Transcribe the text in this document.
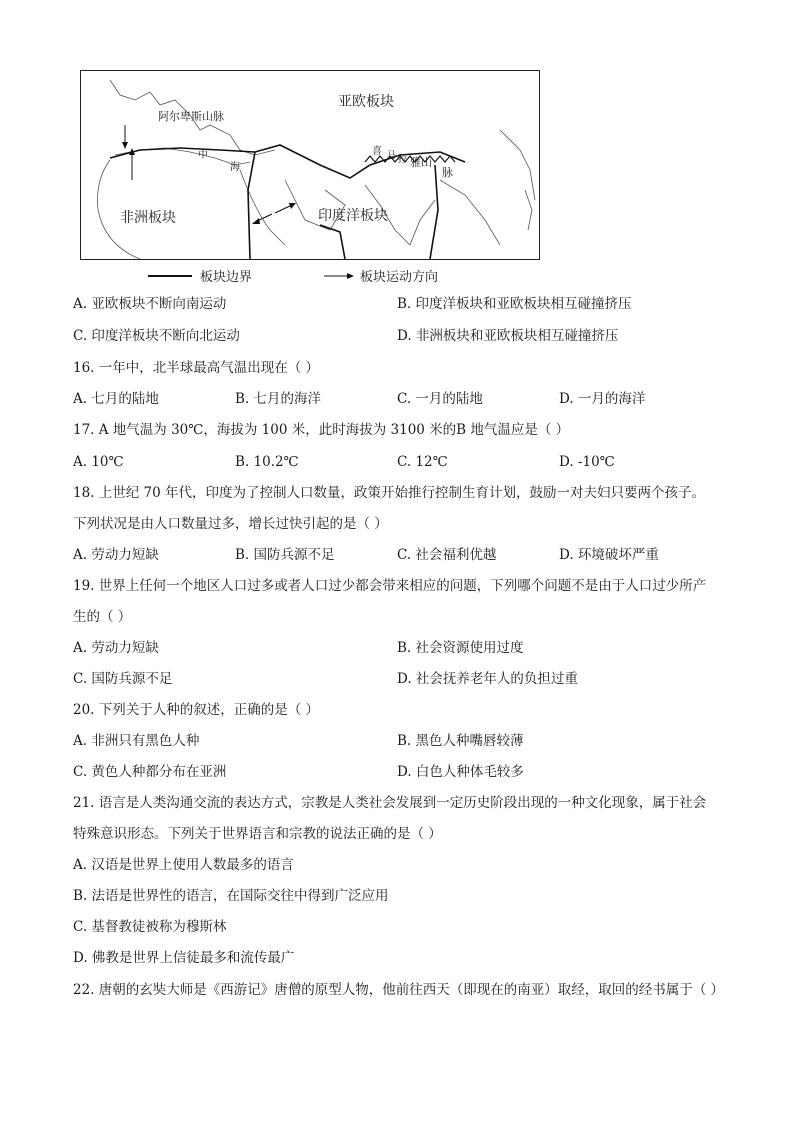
亚欧板块
阿尔卑斯山脉
喜 马 拉 雅山
脉
中
海
非洲板块	印度洋板块
板块边界	板块运动方向
A. 亚欧板块不断向南运动	B. 印度洋板块和亚欧板块相互碰撞挤压
C. 印度洋板块不断向北运动	D. 非洲板块和亚欧板块相互碰撞挤压
16. 一年中，北半球最高气温出现在（ ）
A. 七月的陆地	B. 七月的海洋	C. 一月的陆地	D. 一月的海洋
17. A 地气温为 30℃，海拔为 100 米，此时海拔为 3100 米的B 地气温应是（ ）
A. 10℃	B. 10.2℃	C. 12℃	D. -10℃
18. 上世纪 70 年代，印度为了控制人口数量，政策开始推行控制生育计划，鼓励一对夫妇只要两个孩子。
下列状况是由人口数量过多，增长过快引起的是（ ）
A. 劳动力短缺	B. 国防兵源不足	C. 社会福利优越	D. 环境破坏严重
19. 世界上任何一个地区人口过多或者人口过少都会带来相应的问题，下列哪个问题不是由于人口过少所产
生的（ ）
A. 劳动力短缺	B. 社会资源使用过度
C. 国防兵源不足	D. 社会抚养老年人的负担过重
20. 下列关于人种的叙述，正确的是（ ）
A. 非洲只有黑色人种	B. 黑色人种嘴唇较薄
C. 黄色人种都分布在亚洲	D. 白色人种体毛较多
21. 语言是人类沟通交流的表达方式，宗教是人类社会发展到一定历史阶段出现的一种文化现象，属于社会
特殊意识形态。下列关于世界语言和宗教的说法正确的是（ ）
A. 汉语是世界上使用人数最多的语言
B. 法语是世界性的语言，在国际交往中得到广泛应用
C. 基督教徒被称为穆斯林
D. 佛教是世界上信徒最多和流传最广
22. 唐朝的玄奘大师是《西游记》唐僧的原型人物，他前往西天（即现在的南亚）取经，取回的经书属于（ ）
